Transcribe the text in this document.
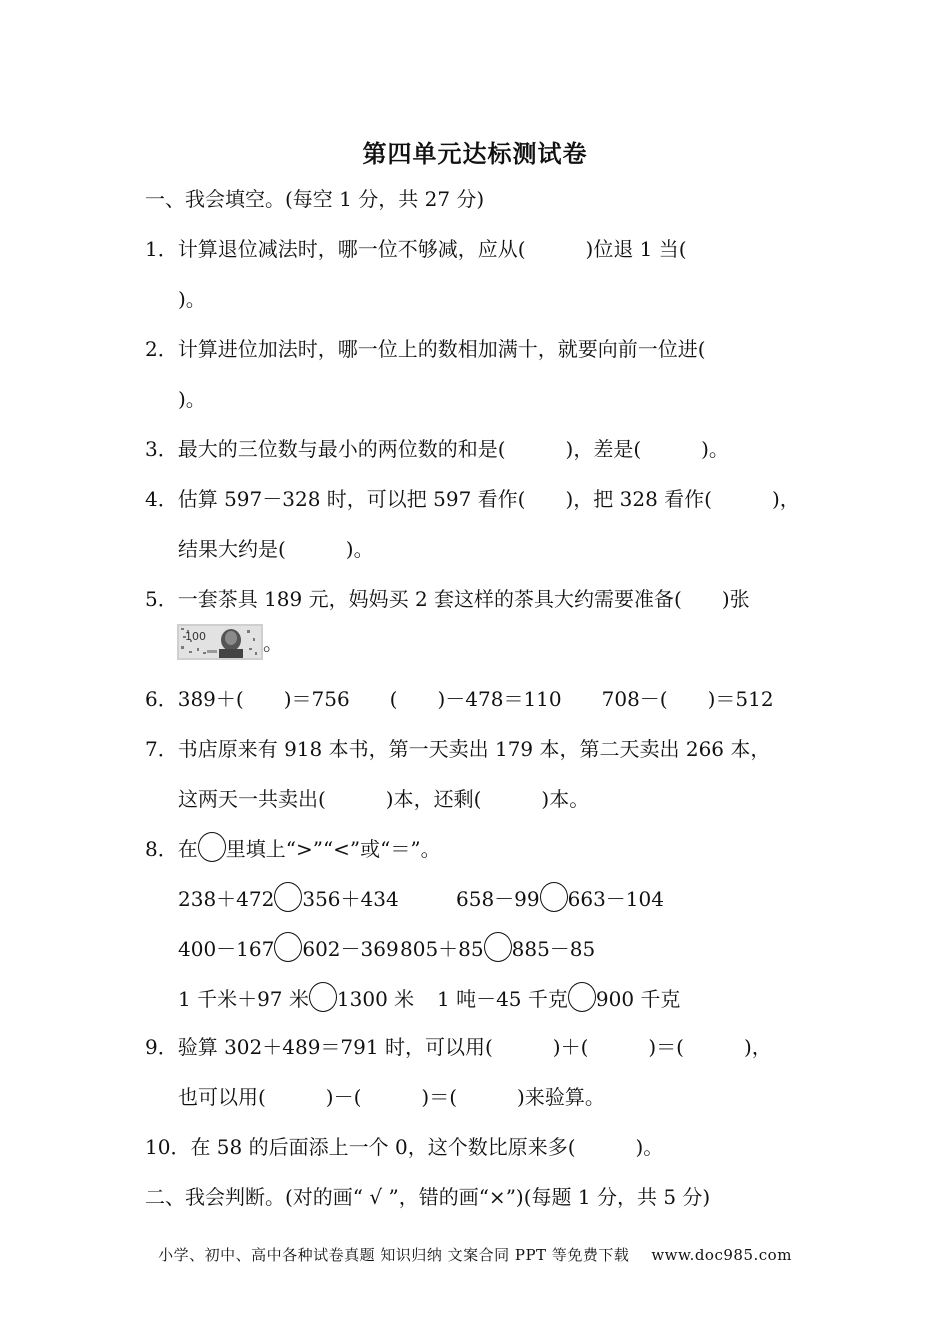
第四单元达标测试卷
一、我会填空。(每空 1 分，共 27 分)
1．计算退位减法时，哪一位不够减，应从(　　　)位退 1 当(
)。
2．计算进位加法时，哪一位上的数相加满十，就要向前一位进(
)。
3．最大的三位数与最小的两位数的和是(　　　)，差是(　　　)。
4．估算 597－328 时，可以把 597 看作(　　)，把 328 看作(　　　)，
结果大约是(　　　)。
5．一套茶具 189 元，妈妈买 2 套这样的茶具大约需要准备(　　)张
100	。
6．389＋(　　)＝756　　(　　)－478＝110　　708－(　　)＝512
7．书店原来有 918 本书，第一天卖出 179 本，第二天卖出 266 本，
这两天一共卖出(　　　)本，还剩(　　　)本。
8．在 里填上“>”“<”或“＝”。
238＋472 356＋434	658－99 663－104
400－167 602－369 805＋85 885－85
1 千米＋97 米 1300 米 1 吨－45 千克 900 千克
9．验算 302＋489＝791 时，可以用(　　　)＋(　　　)＝(　　　)，
也可以用(　　　)－(　　　)＝(　　　)来验算。
10．在 58 的后面添上一个 0，这个数比原来多(　　　)。
二、我会判断。(对的画“ √ ”，错的画“×”)(每题 1 分，共 5 分)
小学、初中、高中各种试卷真题 知识归纳 文案合同 PPT 等免费下载 www.doc985.com
